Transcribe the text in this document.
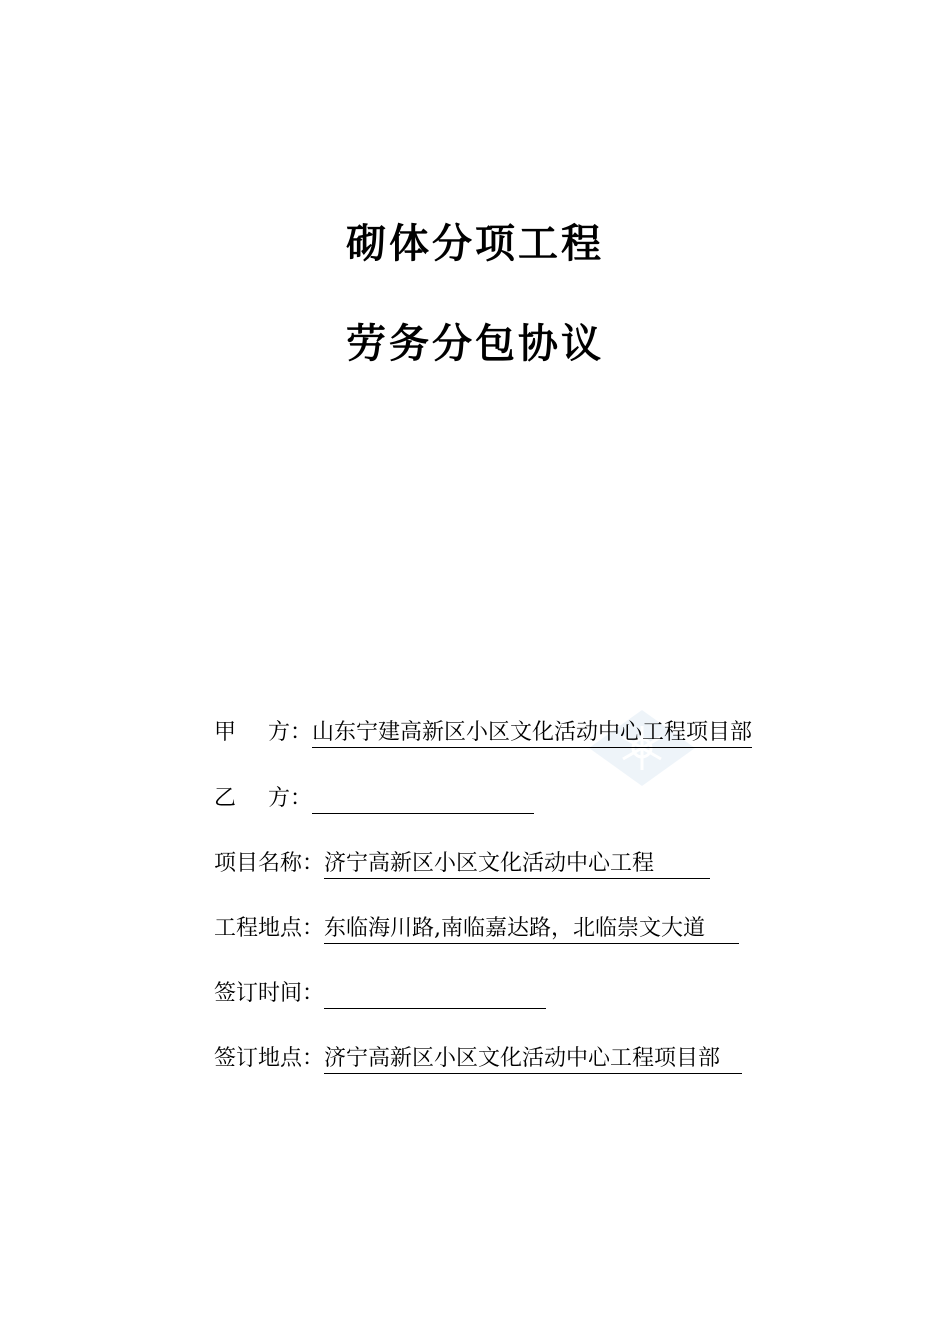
砌体分项工程
劳务分包协议
甲 方 ： 山东宁建高新区小区文化活动中心工程项目部
乙 方 ：
项目名称 ： 济宁高新区小区文化活动中心工程
工程地点 ： 东临海川路,南临嘉达路，北临崇文大道
签订时间 ：
签订地点 ： 济宁高新区小区文化活动中心工程项目部
